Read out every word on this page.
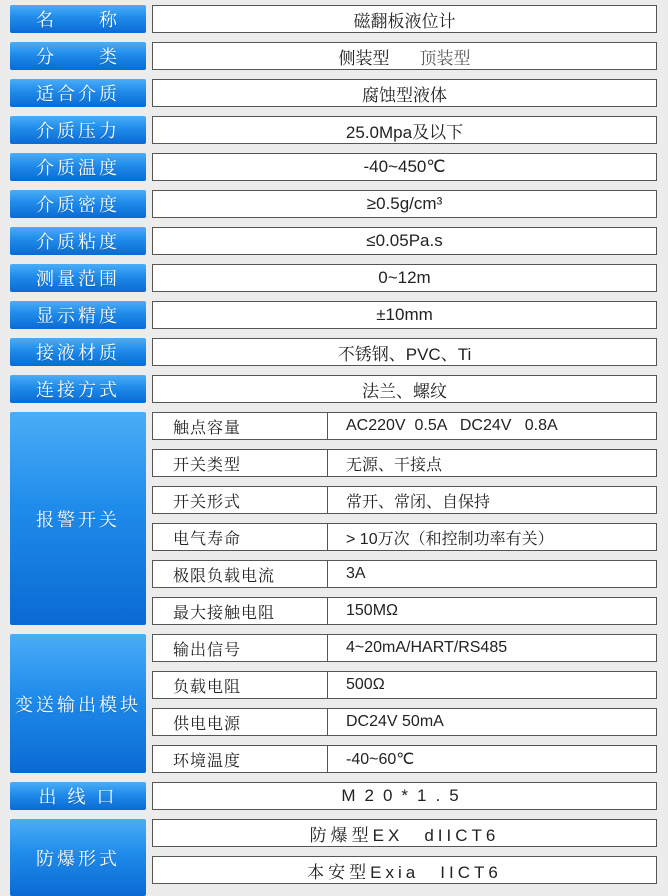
名　　称	磁翻板液位计
分　　类	侧装型 顶装型
适合介质	腐蚀型液体
介质压力	25.0Mpa及以下
介质温度	-40~450℃
介质密度	≥0.5g/cm³
介质粘度	≤0.05Pa.s
测量范围	0~12m
显示精度	±10mm
接液材质	不锈钢、PVC、Ti
连接方式	法兰、螺纹
报警开关
触点容量	AC220V  0.5A   DC24V   0.8A
开关类型	无源、干接点
开关形式	常开、常闭、自保持
电气寿命	> 10万次（和控制功率有关）
极限负载电流	3A
最大接触电阻	150MΩ
变送输出模块
输出信号	4~20mA/HART/RS485
负载电阻	500Ω
供电电源	DC24V 50mA
环境温度	-40~60℃
出 线 口	M20*1.5
防爆形式
防爆型EX　dIICT6
本安型Exia　IICT6
